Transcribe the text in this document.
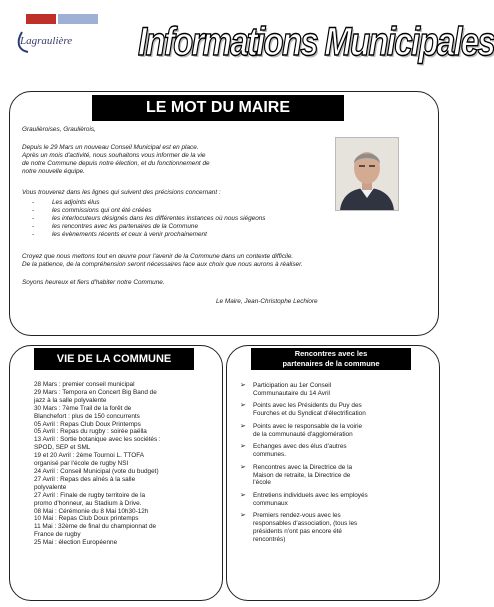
Lagraulière Informations Municipales
LE MOT DU MAIRE
Graulièroises, Graulièrois,
Depuis le 29 Mars un nouveau Conseil Municipal est en place.
Après un mois d'activité, nous souhaitons vous informer de la vie
de notre Commune depuis notre élection, et du fonctionnement de
notre nouvelle équipe.
Vous trouverez dans les lignes qui suivent des précisions concernant :
- Les adjoints élus
- les commissions qui ont été créées
- les interlocuteurs désignés dans les différentes instances où nous siégeons
- les rencontres avec les partenaires de la Commune
- les évènements récents et ceux à venir prochainement
Croyez que nous mettons tout en œuvre pour l'avenir de la Commune dans un contexte difficile.
De la patience, de la compréhension seront nécessaires face aux choix que nous aurons à réaliser.
Soyons heureux et fiers d'habiter notre Commune.
Le Maire, Jean-Christophe Lechiore
VIE DE LA COMMUNE
28 Mars : premier conseil municipal
29 Mars : Tempora en Concert Big Band de
jazz à la salle polyvalente
30 Mars : 7ème Trail de la forêt de
Blanchefort : plus de 150 concurrents
05 Avril : Repas Club Doux Printemps
05 Avril : Repas du rugby : soirée paëlla
13 Avril : Sortie botanique avec les sociétés :
SPOD, SEP et SML
19 et 20 Avril : 2ème Tournoi L. TTOFA
organisé par l'école de rugby NSI
24 Avril : Conseil Municipal (vote du budget)
27 Avril : Repas des aînés à la salle
polyvalente
27 Avril : Finale de rugby territoire de la
promo d'honneur, au Stadium à Drive.
08 Mai : Cérémonie du 8 Mai 10h30-12h
10 Mai : Repas Club Doux printemps
11 Mai : 32ème de final du championnat de
France de rugby
25 Mai : élection Européenne
Rencontres avec les
partenaires de la commune
➢ Participation au 1er Conseil
Communautaire du 14 Avril
➢ Points avec les Présidents du Puy des
Fourches et du Syndicat d'électrification
➢ Points avec le responsable de la voirie
de la communauté d'agglomération
➢ Echanges avec des élus d'autres
communes.
➢ Rencontres avec la Directrice de la
Maison de retraite, la Directrice de
l'école
➢ Entretiens individuels avec les employés
communaux
➢ Premiers rendez-vous avec les
responsables d'association, (tous les
présidents n'ont pas encore été
rencontrés)
